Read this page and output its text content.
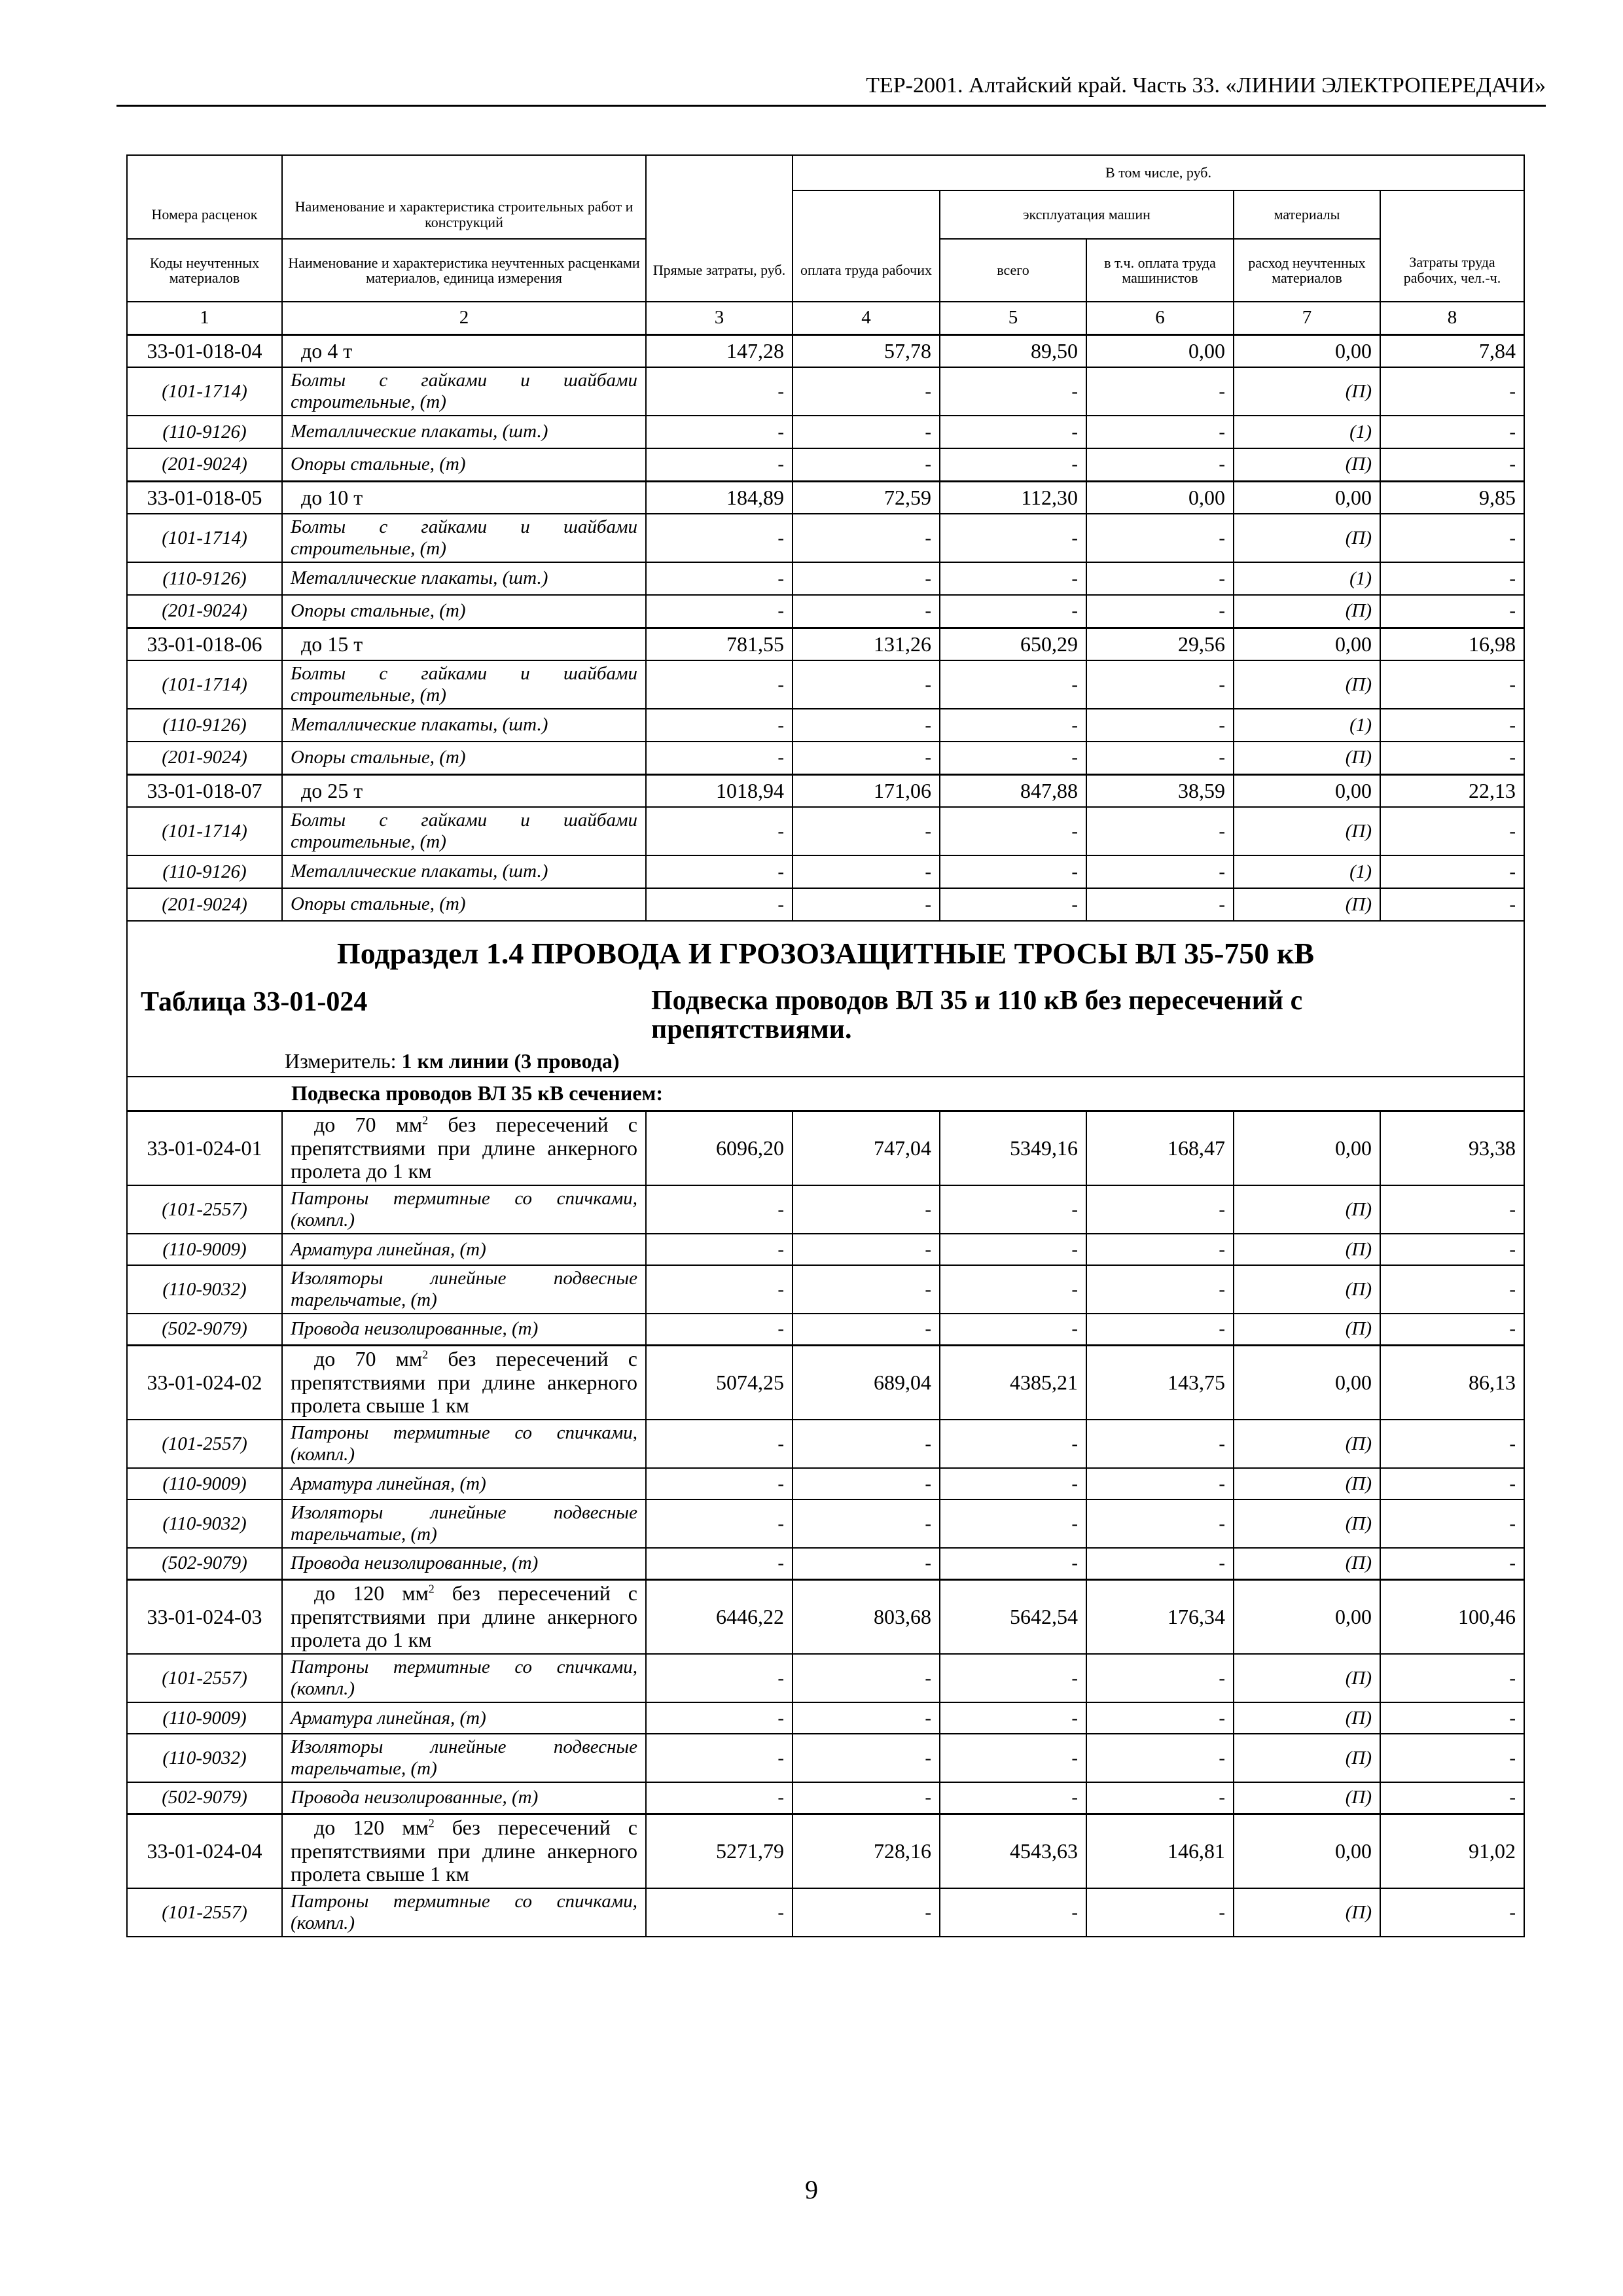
ТЕР-2001. Алтайский край. Часть 33. «ЛИНИИ ЭЛЕКТРОПЕРЕДАЧИ»
			В том числе, руб.					
Номера расценок	Наименование и характеристика строительных работ и конструкций			эксплуатация машин		материалы		
Коды неучтенных материалов	Наименование и характеристика неучтенных расценками материалов, единица измерения	Прямые затраты, руб.	оплата труда рабочих	всего	в т.ч. оплата труда машинистов	расход неучтенных материалов	Затраты труда рабочих, чел.-ч.	
1	2	3	4	5	6	7	8	
33-01-018-04	до 4 т	147,28	57,78	89,50	0,00	0,00	7,84	
(101-1714)	Болты с гайками и шайбами строительные, (т)	-	-	-	-	(П)	-	
(110-9126)	Металлические плакаты, (шт.)	-	-	-	-	(1)	-	
(201-9024)	Опоры стальные, (т)	-	-	-	-	(П)	-	
33-01-018-05	до 10 т	184,89	72,59	112,30	0,00	0,00	9,85	
(101-1714)	Болты с гайками и шайбами строительные, (т)	-	-	-	-	(П)	-	
(110-9126)	Металлические плакаты, (шт.)	-	-	-	-	(1)	-	
(201-9024)	Опоры стальные, (т)	-	-	-	-	(П)	-	
33-01-018-06	до 15 т	781,55	131,26	650,29	29,56	0,00	16,98	
(101-1714)	Болты с гайками и шайбами строительные, (т)	-	-	-	-	(П)	-	
(110-9126)	Металлические плакаты, (шт.)	-	-	-	-	(1)	-	
(201-9024)	Опоры стальные, (т)	-	-	-	-	(П)	-	
33-01-018-07	до 25 т	1018,94	171,06	847,88	38,59	0,00	22,13	
(101-1714)	Болты с гайками и шайбами строительные, (т)	-	-	-	-	(П)	-	
(110-9126)	Металлические плакаты, (шт.)	-	-	-	-	(1)	-	
(201-9024)	Опоры стальные, (т)	-	-	-	-	(П)	-	

Подраздел 1.4 ПРОВОДА И ГРОЗОЗАЩИТНЫЕ ТРОСЫ ВЛ 35-750 кВ
Таблица 33-01-024 Подвеска проводов ВЛ 35 и 110 кВ без пересечений с препятствиями.
Измеритель: 1 км линии (3 провода)								

Подвеска проводов ВЛ 35 кВ сечением:								
33-01-024-01	до 70 $мм^2$ без пересечений с препятствиями при длине анкерного пролета до 1 км	6096,20	747,04	5349,16	168,47	0,00	93,38	
(101-2557)	Патроны термитные со спичками, (компл.)	-	-	-	-	(П)	-	
(110-9009)	Арматура линейная, (т)	-	-	-	-	(П)	-	
(110-9032)	Изоляторы линейные подвесные тарельчатые, (т)	-	-	-	-	(П)	-	
(502-9079)	Провода неизолированные, (т)	-	-	-	-	(П)	-	
33-01-024-02	до 70 $мм^2$ без пересечений с препятствиями при длине анкерного пролета свыше 1 км	5074,25	689,04	4385,21	143,75	0,00	86,13	
(101-2557)	Патроны термитные со спичками, (компл.)	-	-	-	-	(П)	-	
(110-9009)	Арматура линейная, (т)	-	-	-	-	(П)	-	
(110-9032)	Изоляторы линейные подвесные тарельчатые, (т)	-	-	-	-	(П)	-	
(502-9079)	Провода неизолированные, (т)	-	-	-	-	(П)	-	
33-01-024-03	до 120 $мм^2$ без пересечений с препятствиями при длине анкерного пролета до 1 км	6446,22	803,68	5642,54	176,34	0,00	100,46	
(101-2557)	Патроны термитные со спичками, (компл.)	-	-	-	-	(П)	-	
(110-9009)	Арматура линейная, (т)	-	-	-	-	(П)	-	
(110-9032)	Изоляторы линейные подвесные тарельчатые, (т)	-	-	-	-	(П)	-	
(502-9079)	Провода неизолированные, (т)	-	-	-	-	(П)	-	
33-01-024-04	до 120 $мм^2$ без пересечений с препятствиями при длине анкерного пролета свыше 1 км	5271,79	728,16	4543,63	146,81	0,00	91,02	
(101-2557)	Патроны термитные со спичками, (компл.)	-	-	-	-	(П)	-	
9
